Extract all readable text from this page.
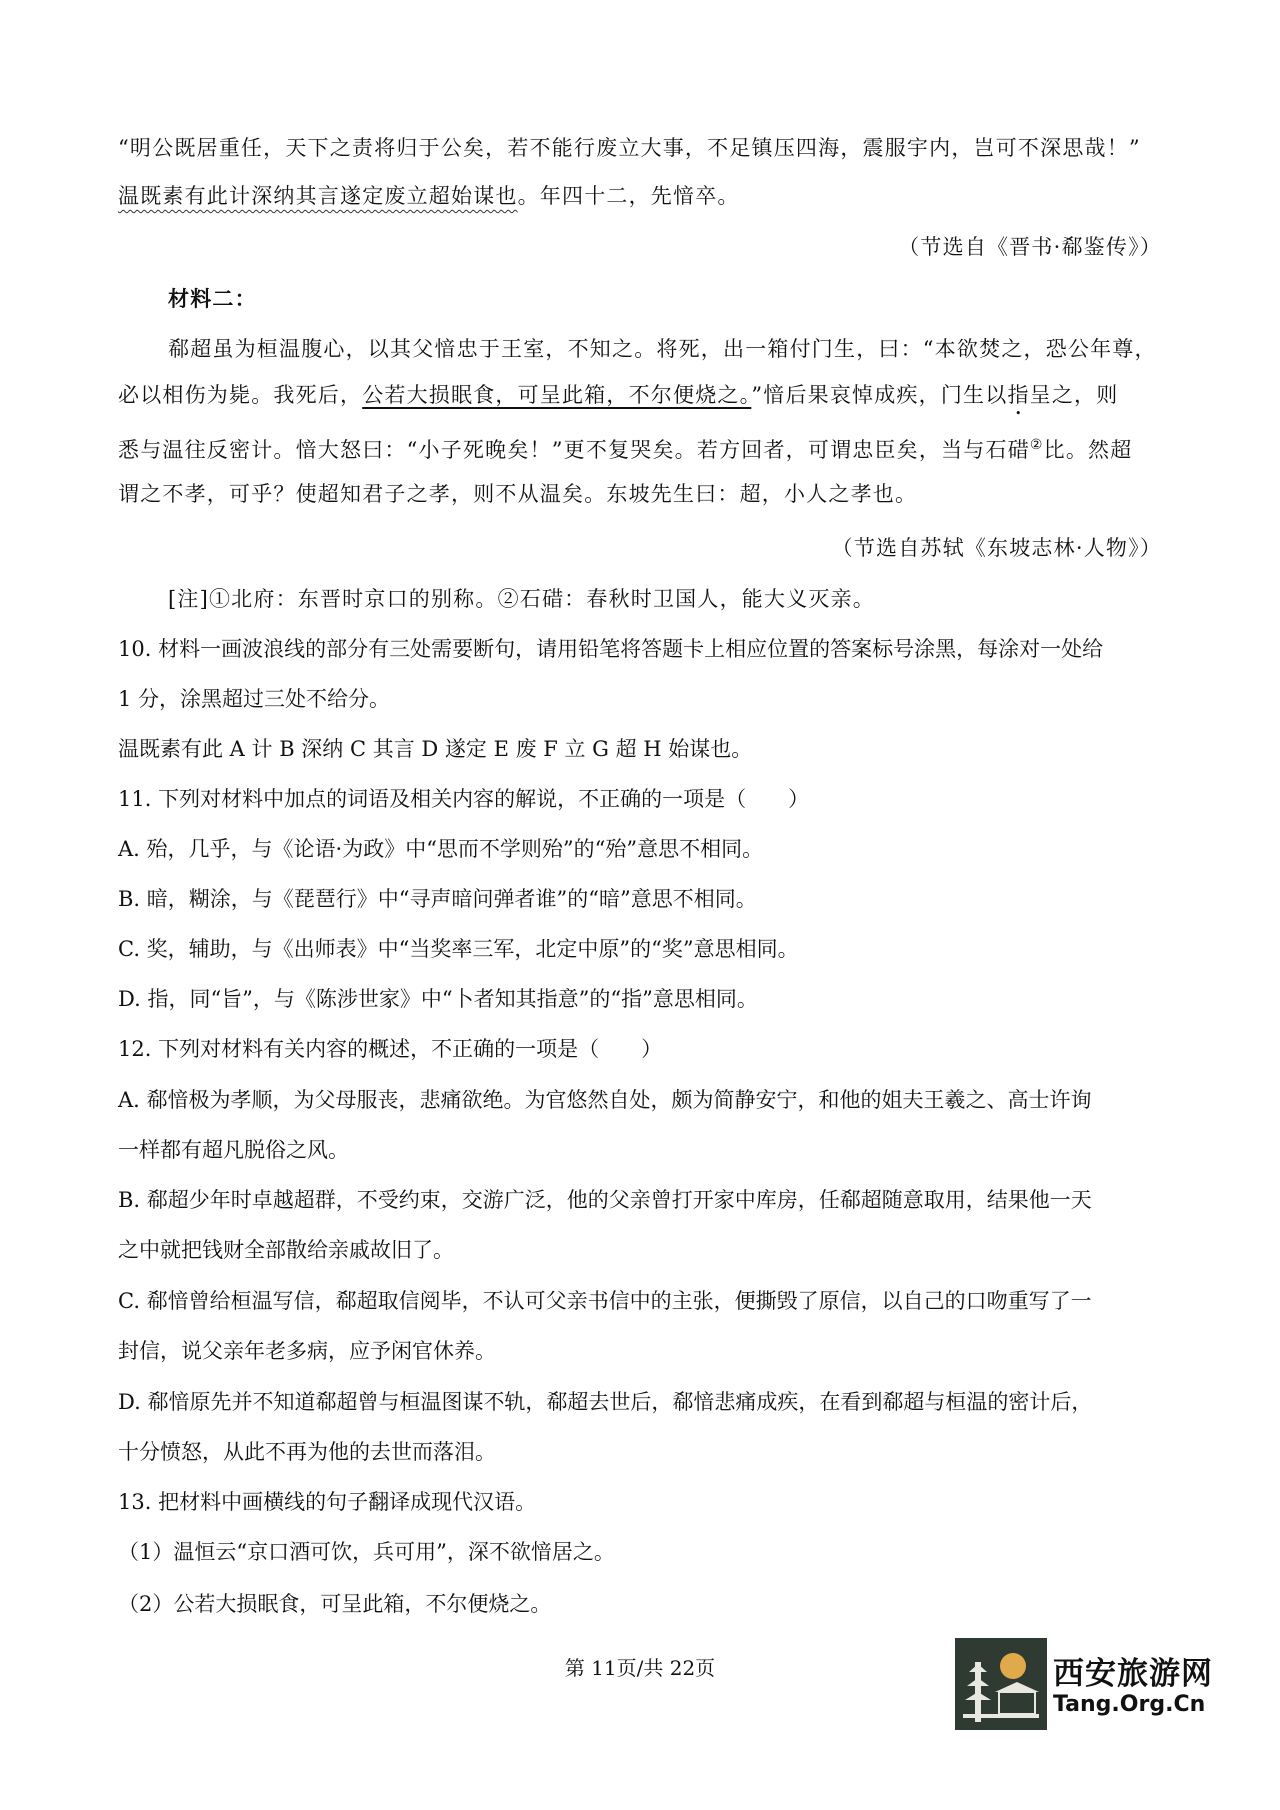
“明公既居重任，天下之责将归于公矣，若不能行废立大事，不足镇压四海，震服宇内，岂可不深思哉！”
温既素有此计深纳其言遂定废立超始谋也。年四十二，先愔卒。
（节选自《晋书·郗鉴传》）
材料二：
郗超虽为桓温腹心，以其父愔忠于王室，不知之。将死，出一箱付门生，曰：“本欲焚之，恐公年尊，
必以相伤为毙。我死后，公若大损眠食，可呈此箱，不尔便烧之。”愔后果哀悼成疾，门生以指呈之，则
悉与温往反密计。愔大怒曰：“小子死晚矣！”更不复哭矣。若方回者，可谓忠臣矣，当与石碏②比。然超
谓之不孝，可乎？使超知君子之孝，则不从温矣。东坡先生曰：超，小人之孝也。
（节选自苏轼《东坡志林·人物》）
[注]①北府：东晋时京口的别称。②石碏：春秋时卫国人，能大义灭亲。
10. 材料一画波浪线的部分有三处需要断句，请用铅笔将答题卡上相应位置的答案标号涂黑，每涂对一处给
1 分，涂黑超过三处不给分。
温既素有此 A 计 B 深纳 C 其言 D 遂定 E 废 F 立 G 超 H 始谋也。
11. 下列对材料中加点的词语及相关内容的解说，不正确的一项是（　　）
A. 殆，几乎，与《论语·为政》中“思而不学则殆”的“殆”意思不相同。
B. 暗，糊涂，与《琵琶行》中“寻声暗问弹者谁”的“暗”意思不相同。
C. 奖，辅助，与《出师表》中“当奖率三军，北定中原”的“奖”意思相同。
D. 指，同“旨”，与《陈涉世家》中“卜者知其指意”的“指”意思相同。
12. 下列对材料有关内容的概述，不正确的一项是（　　）
A. 郗愔极为孝顺，为父母服丧，悲痛欲绝。为官悠然自处，颇为简静安宁，和他的姐夫王羲之、高士许询
一样都有超凡脱俗之风。
B. 郗超少年时卓越超群，不受约束，交游广泛，他的父亲曾打开家中库房，任郗超随意取用，结果他一天
之中就把钱财全部散给亲戚故旧了。
C. 郗愔曾给桓温写信，郗超取信阅毕，不认可父亲书信中的主张，便撕毁了原信，以自己的口吻重写了一
封信，说父亲年老多病，应予闲官休养。
D. 郗愔原先并不知道郗超曾与桓温图谋不轨，郗超去世后，郗愔悲痛成疾，在看到郗超与桓温的密计后，
十分愤怒，从此不再为他的去世而落泪。
13. 把材料中画横线的句子翻译成现代汉语。
（1）温恒云“京口酒可饮，兵可用”，深不欲愔居之。
（2）公若大损眠食，可呈此箱，不尔便烧之。
第 11页/共 22页	西安旅游网
Tang.Org.Cn
